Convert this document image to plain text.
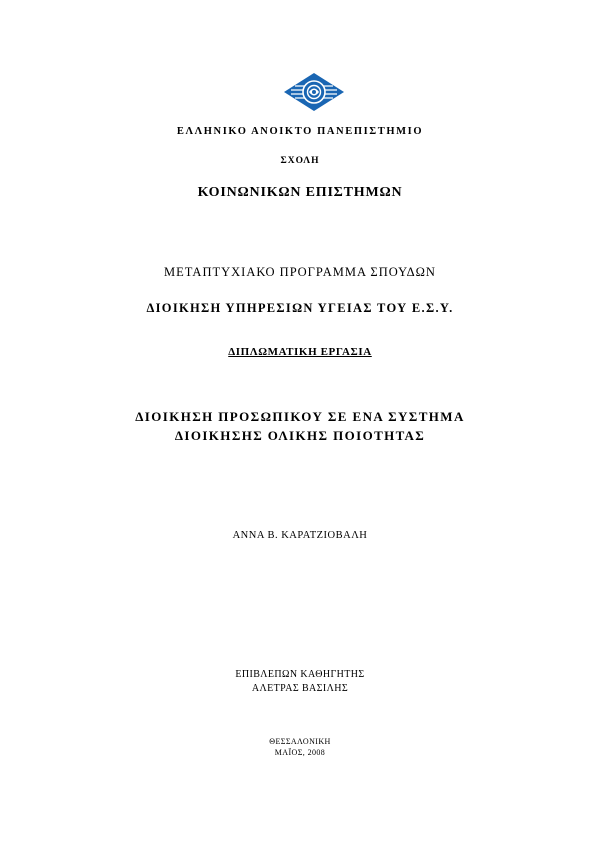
ΕΛΛΗΝΙΚΟ ΑΝΟΙΚΤΟ ΠΑΝΕΠΙΣΤΗΜΙΟ
ΣΧΟΛΗ
ΚΟΙΝΩΝΙΚΩΝ ΕΠΙΣΤΗΜΩΝ
ΜΕΤΑΠΤΥΧΙΑΚΟ ΠΡΟΓΡΑΜΜΑ ΣΠΟΥΔΩΝ
ΔΙΟΙΚΗΣΗ ΥΠΗΡΕΣΙΩΝ ΥΓΕΙΑΣ ΤΟΥ Ε.Σ.Υ.
ΔΙΠΛΩΜΑΤΙΚΗ ΕΡΓΑΣΙΑ
ΔΙΟΙΚΗΣΗ ΠΡΟΣΩΠΙΚΟΥ ΣΕ ΕΝΑ ΣΥΣΤΗΜΑ
ΔΙΟΙΚΗΣΗΣ ΟΛΙΚΗΣ ΠΟΙΟΤΗΤΑΣ
ΑΝΝΑ Β. ΚΑΡΑΤΖΙΟΒΑΛΗ
ΕΠΙΒΛΕΠΩΝ ΚΑΘΗΓΗΤΗΣ
ΑΛΕΤΡΑΣ ΒΑΣΙΛΗΣ
ΘΕΣΣΑΛΟΝΙΚΗ
ΜΑΪΟΣ, 2008
